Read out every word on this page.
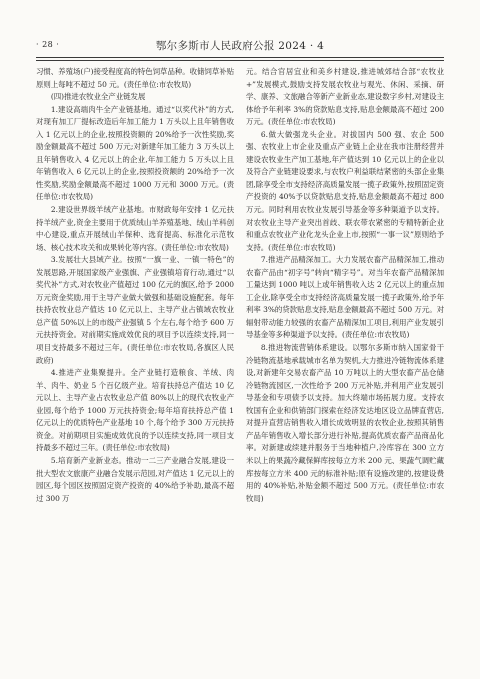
· 28 ·	鄂尔多斯市人民政府公报 2024 · 4

习惯、养殖场(户)接受程度高的特色饲草品种。收储饲草补贴原则上每吨不超过 50 元。(责任单位:市农牧局)

(四)推进农牧业全产业链发展

1.建设高端肉牛全产业链基地。通过“以奖代补”的方式,对现有加工厂提标改造后年加工能力 1 万头以上且年销售收入 1 亿元以上的企业,按照投资额的 20%给予一次性奖励,奖励金额最高不超过 500 万元;对新建年加工能力 3 万头以上且年销售收入 4 亿元以上的企业,年加工能力 5 万头以上且年销售收入 6 亿元以上的企业,按照投资额的 20%给予一次性奖励,奖励金额最高不超过 1000 万元和 3000 万元。(责任单位:市农牧局)

2.建设世界级羊绒产业基地。市财政每年安排 1 亿元扶持羊绒产业,资金主要用于优质绒山羊养殖基地、绒山羊科创中心建设,重点开展绒山羊保种、选育提高、标准化示范牧场、核心技术攻关和成果转化等内容。(责任单位:市农牧局)

3.发展壮大县域产业。按照“一旗一业、一镇一特色”的发展思路,开展国家级产业强旗、产业强镇培育行动,通过“以奖代补”方式,对农牧业产值超过 100 亿元的旗区,给予 2000 万元资金奖励,用于主导产业做大做强和基础设施配套。每年扶持农牧业总产值达 10 亿元以上、主导产业占镇域农牧业总产值 50%以上的市级产业强镇 5 个左右,每个给予 600 万元扶持资金。对前期实施成效优良的项目予以连续支持,同一项目支持最多不超过三年。(责任单位:市农牧局,各旗区人民政府)

4.推进产业集聚提升。全产业链打造粮食、羊绒、肉羊、肉牛、奶业 5 个百亿级产业。培育扶持总产值达 10 亿元以上、主导产业占农牧业总产值 80%以上的现代农牧业产业园,每个给予 1000 万元扶持资金;每年培育扶持总产值 1 亿元以上的优质特色产业基地 10 个,每个给予 300 万元扶持资金。对前期项目实施成效优良的予以连续支持,同一项目支持最多不超过三年。(责任单位:市农牧局)

5.培育新产业新业态。推动一二三产业融合发展,建设一批大型农文旅康产业融合发展示范园,对产值达 1 亿元以上的园区,每个园区按照固定资产投资的 40%给予补助,最高不超过 300 万

元。结合官居宜业和美乡村建设,推进城郊结合部“农牧业+”发展模式,鼓励支持发展农牧业与观光、休闲、采摘、研学、康养、文旅融合等新产业新业态,建设数字乡村,对建设主体给予年利率 3%的贷款贴息支持,贴息金额最高不超过 200 万元。(责任单位:市农牧局)

6.做大做强龙头企业。对拔国内 500 强、农企 500 强、农牧业上市企业及重点产业链上企业在我市注册经营并建设农牧业生产加工基地,年产值达到 10 亿元以上的企业以及符合产业链建设要求,与农牧户利益联结紧密的头部企业集团,除享受全市支持经济高质量发展一揽子政策外,按照固定资产投资的 40%予以贷款贴息支持,贴息金额最高不超过 800 万元。同时利用农牧业发展引导基金等多种渠道予以支持。对农牧业主导产业突出首歧、联农带农紧密的专精特新企业和重点农牧业产业化龙头企业上市,按照“一事一议”原则给予支持。(责任单位:市农牧局)

7.推进产品精深加工。大力发展农畜产品精深加工,推动农畜产品由“初字号”转向“精字号”。对当年农畜产品精深加工量达到 1000 吨以上或年销售收入达 2 亿元以上的重点加工企业,除享受全市支持经济高质量发展一揽子政策外,给予年利率 3%的贷款贴息支持,贴息金额最高不超过 500 万元。对辐射带动能力较强的农畜产品精深加工项目,利用产业发展引导基金等多种渠道予以支持。(责任单位:市农牧局)

8.推进物流营销体系建设。以鄂尔多斯市纳入国家骨干冷链物流基地承载城市名单为契机,大力推进冷链物流体系建设,对新建年交易农畜产品 10 万吨以上的大型农畜产品仓储冷链物流园区,一次性给予 200 万元补贴,并利用产业发展引导基金和专项债予以支持。加大终端市场拓展力度。支持农牧国有企业和供销部门探索在经济发达地区设立品牌直营店,对提升直营店销售收入增长成效明显的农牧企业,按照其销售产品年销售收入增长部分进行补贴,提高优质农畜产品商品化率。对新建或续建并服务于当地种植户,冷库容在 300 立方米以上的果蔬冷藏保鲜库按每立方米 200 元、果蔬气调贮藏库按每立方米 400 元的标准补贴;原有设施改建的,按建设费用的 40%补贴,补贴金额不超过 500 万元。(责任单位:市农牧局)
